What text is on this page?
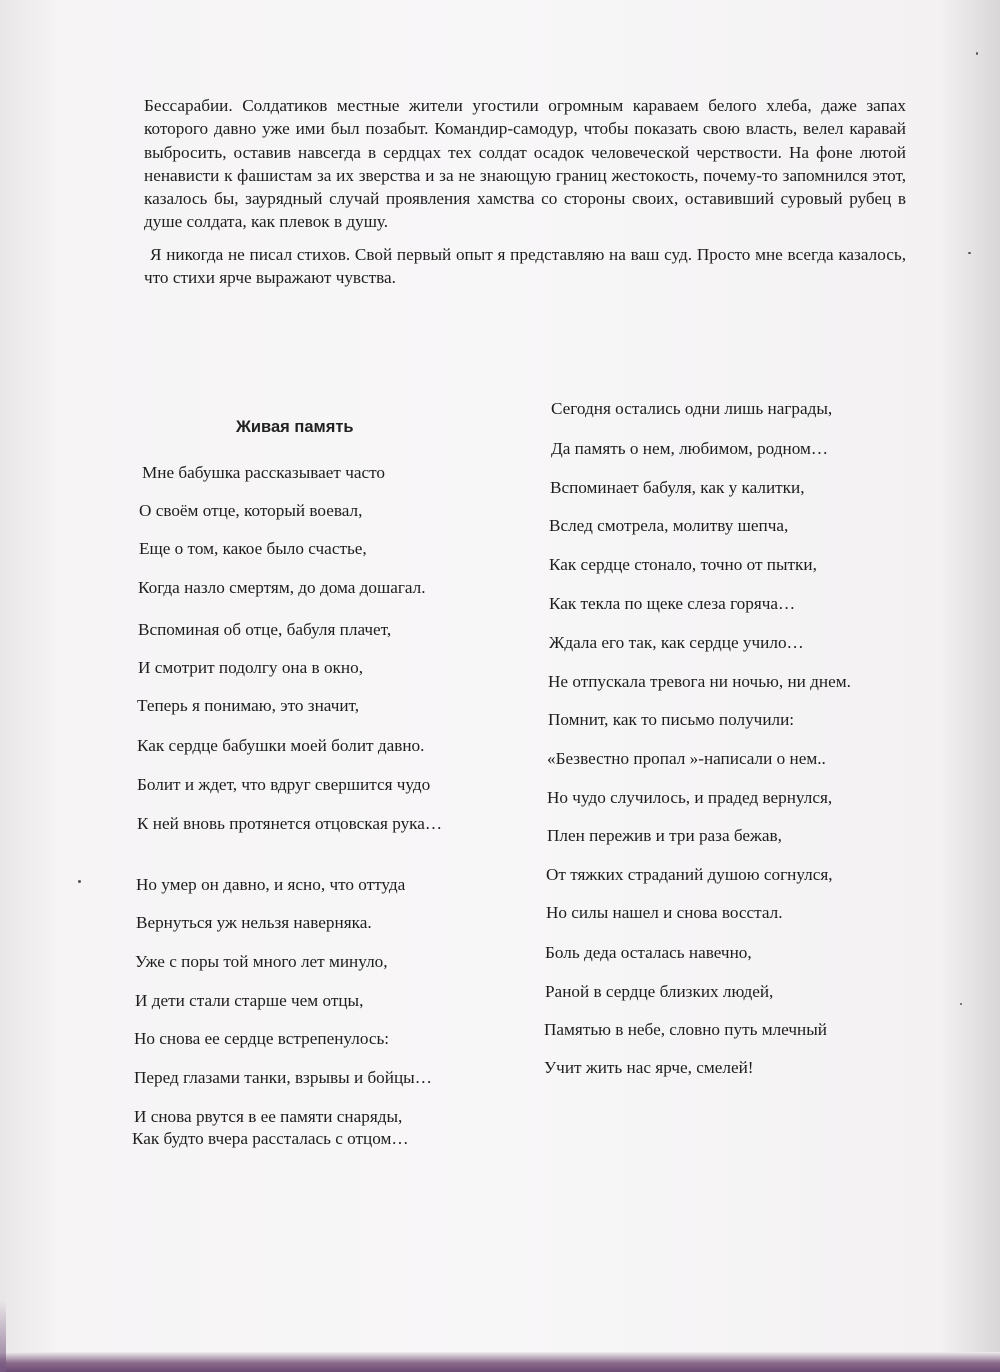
Бессарабии. Солдатиков местные жители угостили огромным караваем белого хлеба, даже запах которого давно уже ими был позабыт. Командир-самодур, чтобы показать свою власть, велел каравай выбросить, оставив навсегда в сердцах тех солдат осадок человеческой черствости. На фоне лютой ненависти к фашистам за их зверства и за не знающую границ жестокость, почему-то запомнился этот, казалось бы, заурядный случай проявления хамства со стороны своих, оставивший суровый рубец в душе солдата, как плевок в душу.

Я никогда не писал стихов. Свой первый опыт я представляю на ваш суд. Просто мне всегда казалось, что стихи ярче выражают чувства.

Живая память
Мне бабушка рассказывает часто
О своём отце, который воевал,
Еще о том, какое было счастье,
Когда назло смертям, до дома дошагал.
Вспоминая об отце, бабуля плачет,
И смотрит подолгу она в окно,
Теперь я понимаю, это значит,
Как сердце бабушки моей болит давно.
Болит и ждет, что вдруг свершится чудо
К ней вновь протянется отцовская рука…
Но умер он давно, и ясно, что оттуда
Вернуться уж нельзя наверняка.
Уже с поры той много лет минуло,
И дети стали старше чем отцы,
Но снова ее сердце встрепенулось:
Перед глазами танки, взрывы и бойцы…
И снова рвутся в ее памяти снаряды,
Как будто вчера рассталась с отцом…
Сегодня остались одни лишь награды,
Да память о нем, любимом, родном…
Вспоминает бабуля, как у калитки,
Вслед смотрела, молитву шепча,
Как сердце стонало, точно от пытки,
Как текла по щеке слеза горяча…
Ждала его так, как сердце учило…
Не отпускала тревога ни ночью, ни днем.
Помнит, как то письмо получили:
«Безвестно пропал »-написали о нем..
Но чудо случилось, и прадед вернулся,
Плен пережив и три раза бежав,
От тяжких страданий душою согнулся,
Но силы нашел и снова восстал.
Боль деда осталась навечно,
Раной в сердце близких людей,
Памятью в небе, словно путь млечный
Учит жить нас ярче, смелей!
